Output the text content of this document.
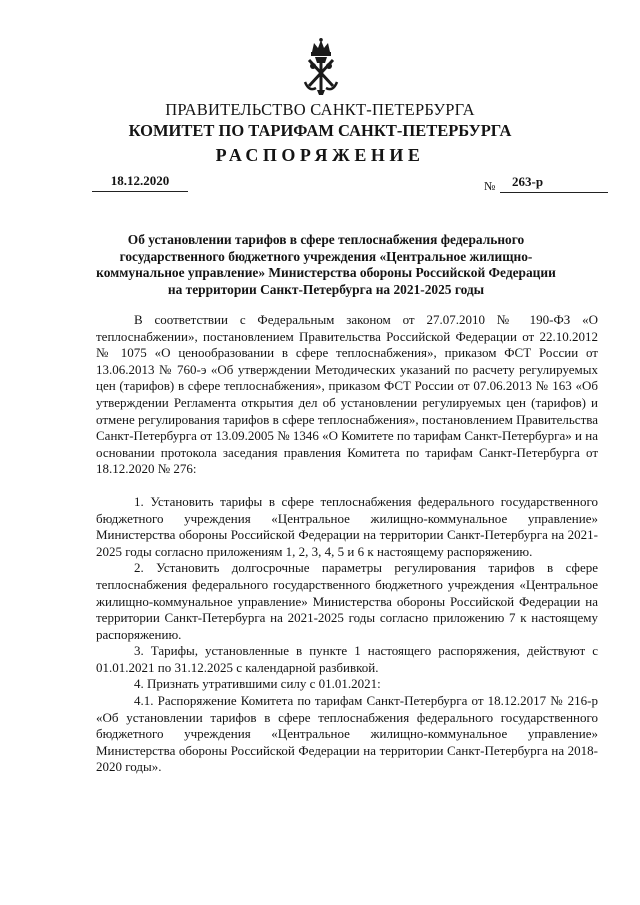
ПРАВИТЕЛЬСТВО САНКТ-ПЕТЕРБУРГА
КОМИТЕТ ПО ТАРИФАМ САНКТ-ПЕТЕРБУРГА
РАСПОРЯЖЕНИЕ
18.12.2020	№	263-р
Об установлении тарифов в сфере теплоснабжения федерального государственного бюджетного учреждения «Центральное жилищно-коммунальное управление» Министерства обороны Российской Федерации на территории Санкт-Петербурга на 2021-2025 годы

В соответствии с Федеральным законом от 27.07.2010 № 190-ФЗ «О теплоснабжении», постановлением Правительства Российской Федерации от 22.10.2012 № 1075 «О ценообразовании в сфере теплоснабжения», приказом ФСТ России от 13.06.2013 № 760-э «Об утверждении Методических указаний по расчету регулируемых цен (тарифов) в сфере теплоснабжения», приказом ФСТ России от 07.06.2013 № 163 «Об утверждении Регламента открытия дел об установлении регулируемых цен (тарифов) и отмене регулирования тарифов в сфере теплоснабжения», постановлением Правительства Санкт-Петербурга от 13.09.2005 № 1346 «О Комитете по тарифам Санкт-Петербурга» и на основании протокола заседания правления Комитета по тарифам Санкт-Петербурга от 18.12.2020 № 276:

1. Установить тарифы в сфере теплоснабжения федерального государственного бюджетного учреждения «Центральное жилищно-коммунальное управление» Министерства обороны Российской Федерации на территории Санкт-Петербурга на 2021-2025 годы согласно приложениям 1, 2, 3, 4, 5 и 6 к настоящему распоряжению.

2. Установить долгосрочные параметры регулирования тарифов в сфере теплоснабжения федерального государственного бюджетного учреждения «Центральное жилищно-коммунальное управление» Министерства обороны Российской Федерации на территории Санкт-Петербурга на 2021-2025 годы согласно приложению 7 к настоящему распоряжению.

3. Тарифы, установленные в пункте 1 настоящего распоряжения, действуют с 01.01.2021 по 31.12.2025 с календарной разбивкой.

4. Признать утратившими силу с 01.01.2021:

4.1. Распоряжение Комитета по тарифам Санкт-Петербурга от 18.12.2017 № 216-р «Об установлении тарифов в сфере теплоснабжения федерального государственного бюджетного учреждения «Центральное жилищно-коммунальное управление» Министерства обороны Российской Федерации на территории Санкт-Петербурга на 2018-2020 годы».
